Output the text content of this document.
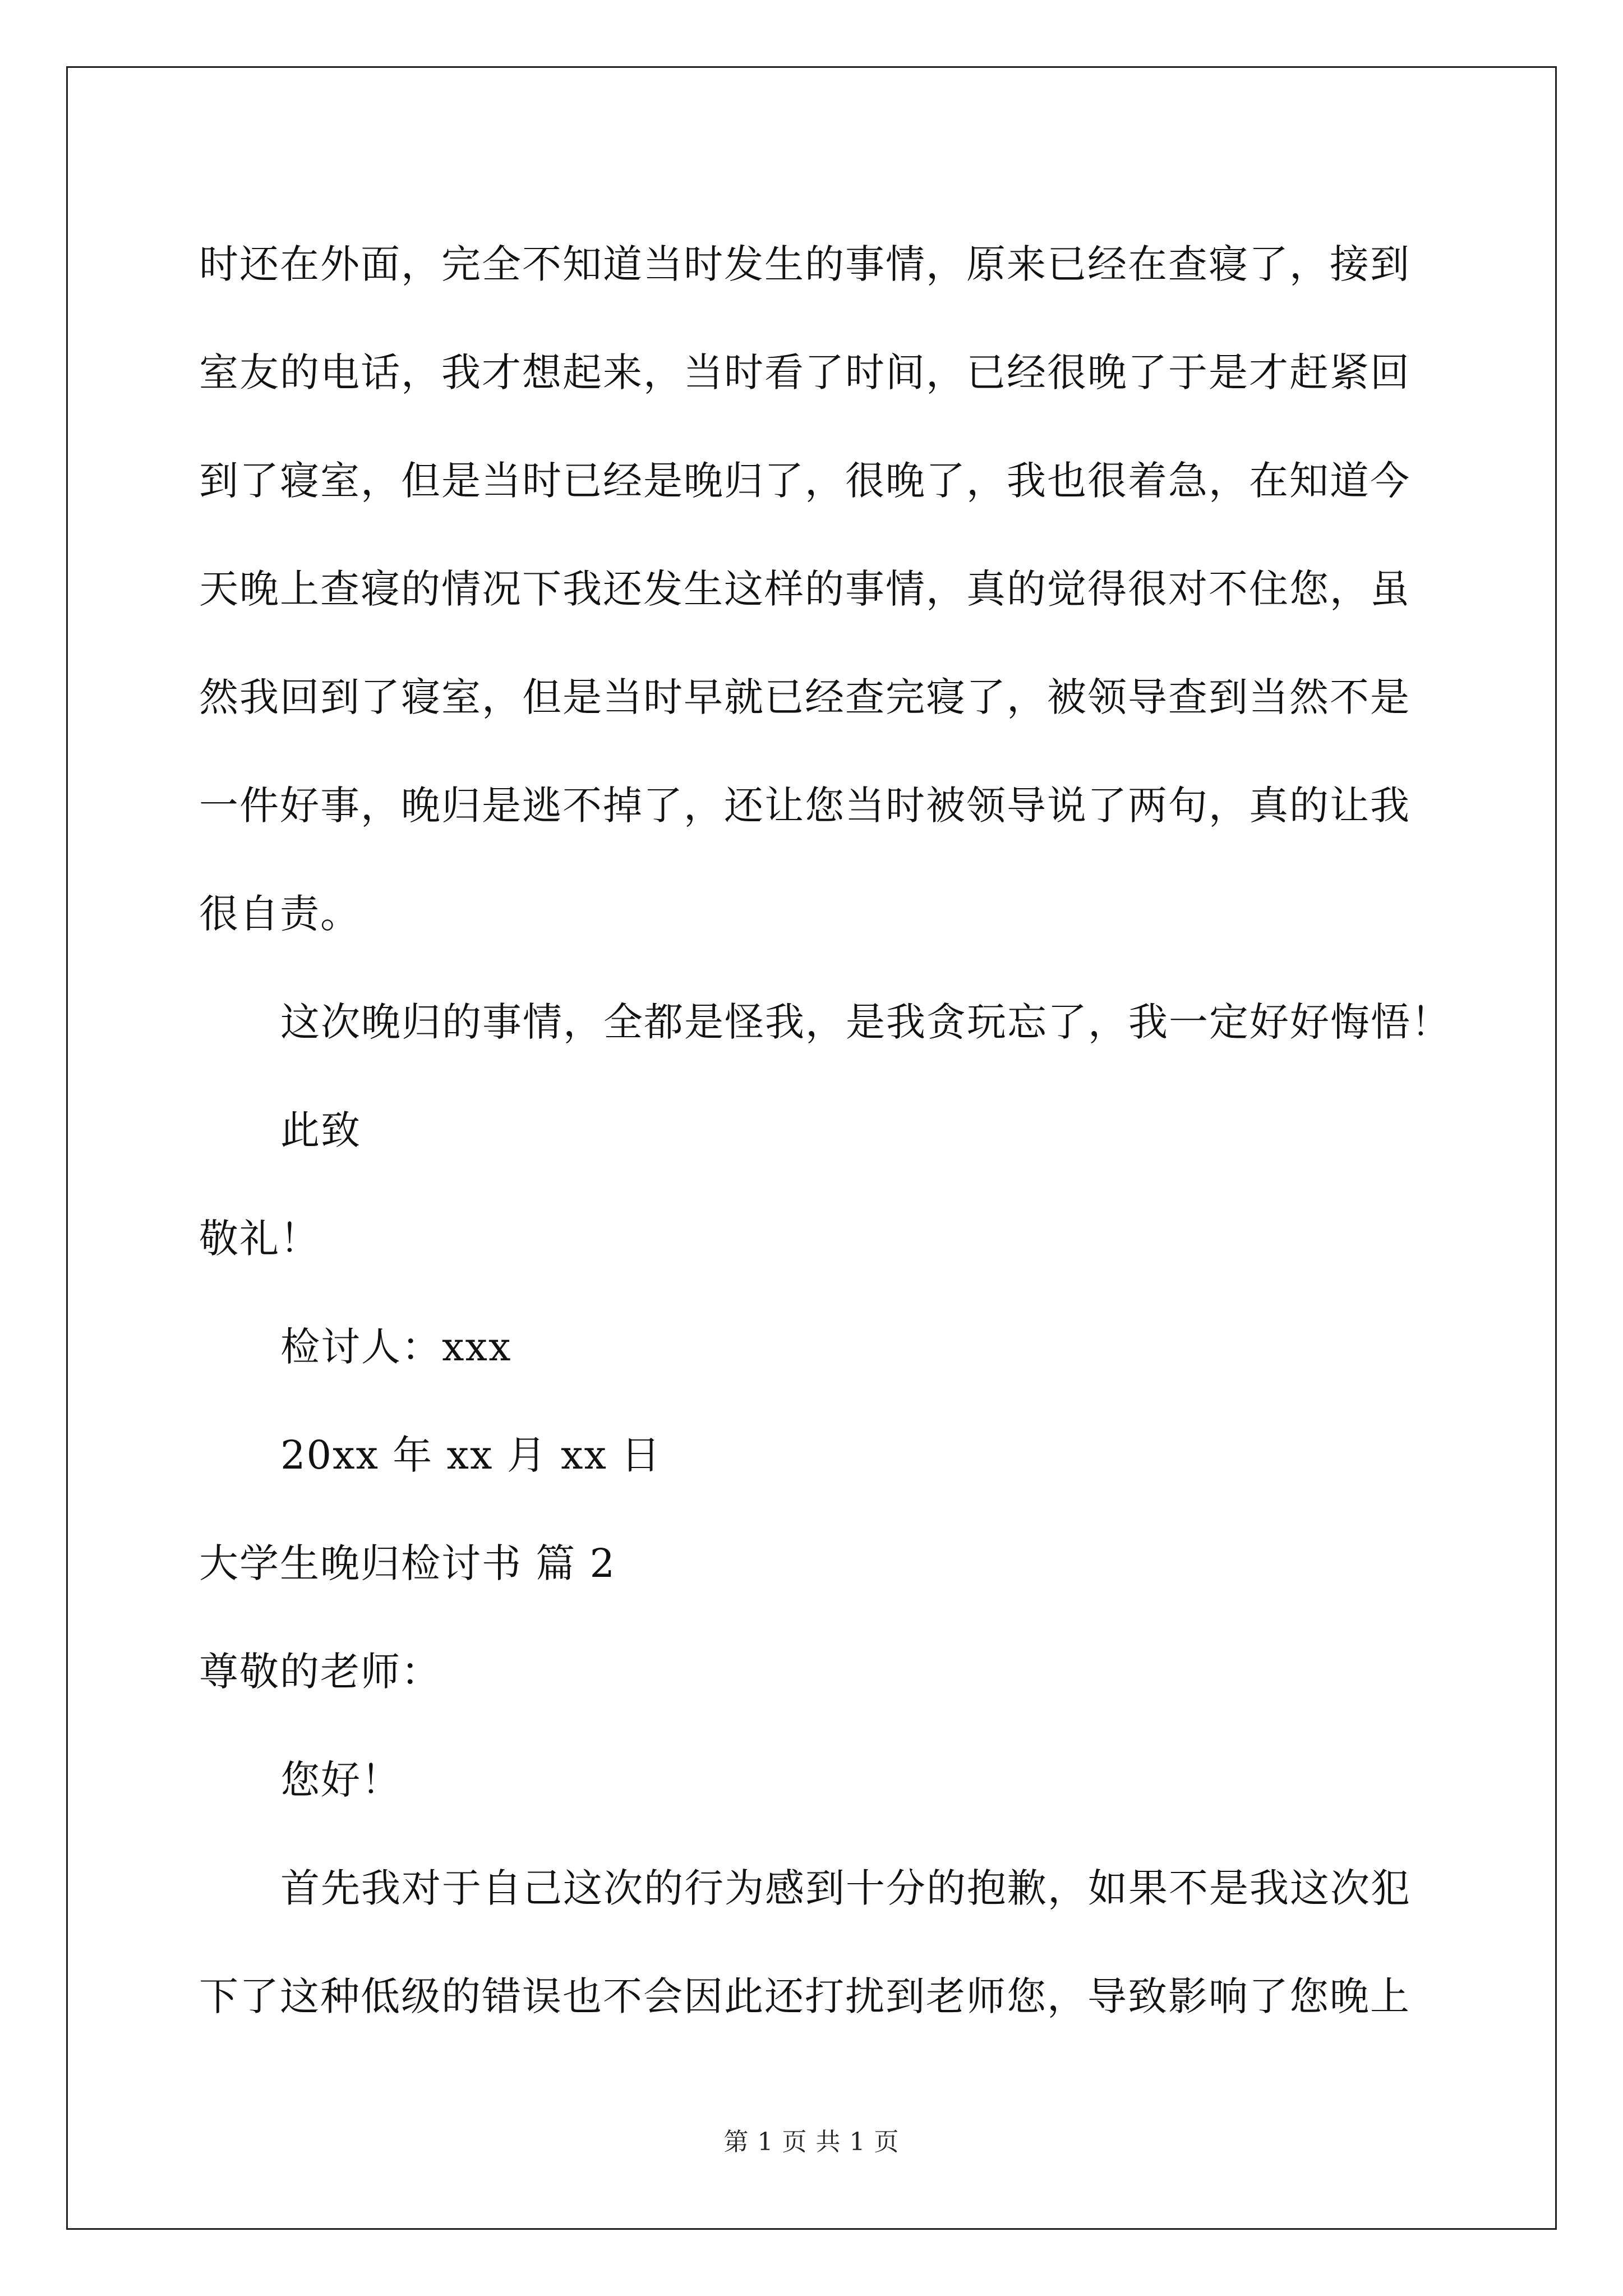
时还在外面，完全不知道当时发生的事情，原来已经在查寝了，接到
室友的电话，我才想起来，当时看了时间，已经很晚了于是才赶紧回
到了寝室，但是当时已经是晚归了，很晚了，我也很着急，在知道今
天晚上查寝的情况下我还发生这样的事情，真的觉得很对不住您，虽
然我回到了寝室，但是当时早就已经查完寝了，被领导查到当然不是
一件好事，晚归是逃不掉了，还让您当时被领导说了两句，真的让我
很自责。
这次晚归的事情，全都是怪我，是我贪玩忘了，我一定好好悔悟！
此致
敬礼！
检讨人：xxx
20xx 年 xx 月 xx 日
大学生晚归检讨书 篇 2
尊敬的老师：
您好！
首先我对于自己这次的行为感到十分的抱歉，如果不是我这次犯
下了这种低级的错误也不会因此还打扰到老师您，导致影响了您晚上
第 1 页 共 1 页
